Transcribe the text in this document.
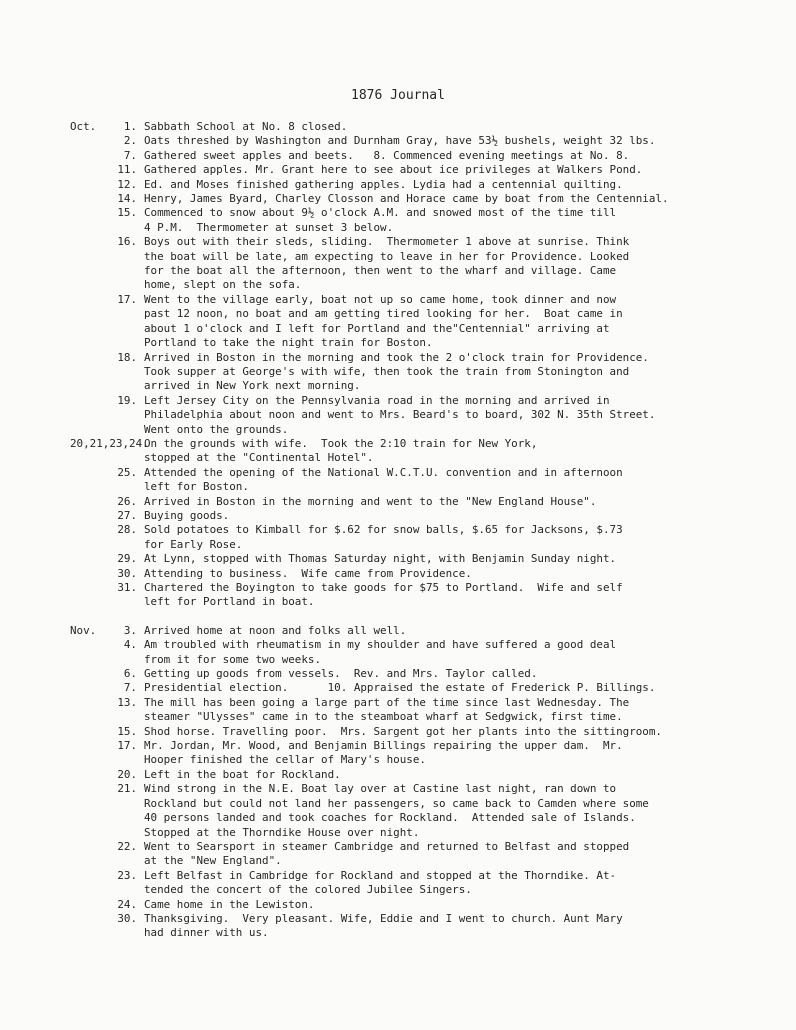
1876 Journal
Oct.	1. Sabbath School at No. 8 closed.
2. Oats threshed by Washington and Durnham Gray, have 53½ bushels, weight 32 lbs.
7. Gathered sweet apples and beets.   8. Commenced evening meetings at No. 8.
11. Gathered apples. Mr. Grant here to see about ice privileges at Walkers Pond.
12. Ed. and Moses finished gathering apples. Lydia had a centennial quilting.
14. Henry, James Byard, Charley Closson and Horace came by boat from the Centennial.
15. Commenced to snow about 9½ o'clock A.M. and snowed most of the time till
4 P.M.  Thermometer at sunset 3 below.
16. Boys out with their sleds, sliding.  Thermometer 1 above at sunrise. Think
the boat will be late, am expecting to leave in her for Providence. Looked
for the boat all the afternoon, then went to the wharf and village. Came
home, slept on the sofa.
17. Went to the village early, boat not up so came home, took dinner and now
past 12 noon, no boat and am getting tired looking for her.  Boat came in
about 1 o'clock and I left for Portland and the"Centennial" arriving at
Portland to take the night train for Boston.
18. Arrived in Boston in the morning and took the 2 o'clock train for Providence.
Took supper at George's with wife, then took the train from Stonington and
arrived in New York next morning.
19. Left Jersey City on the Pennsylvania road in the morning and arrived in
Philadelphia about noon and went to Mrs. Beard's to board, 302 N. 35th Street.
Went onto the grounds.
20,21,23,24.
On the grounds with wife.  Took the 2:10 train for New York,
stopped at the "Continental Hotel".
25. Attended the opening of the National W.C.T.U. convention and in afternoon
left for Boston.
26. Arrived in Boston in the morning and went to the "New England House".
27. Buying goods.
28. Sold potatoes to Kimball for $.62 for snow balls, $.65 for Jacksons, $.73
for Early Rose.
29. At Lynn, stopped with Thomas Saturday night, with Benjamin Sunday night.
30. Attending to business.  Wife came from Providence.
31. Chartered the Boyington to take goods for $75 to Portland.  Wife and self
left for Portland in boat.
Nov.	3. Arrived home at noon and folks all well.
4. Am troubled with rheumatism in my shoulder and have suffered a good deal
from it for some two weeks.
6. Getting up goods from vessels.  Rev. and Mrs. Taylor called.
7. Presidential election.      10. Appraised the estate of Frederick P. Billings.
13. The mill has been going a large part of the time since last Wednesday. The
steamer "Ulysses" came in to the steamboat wharf at Sedgwick, first time.
15. Shod horse. Travelling poor.  Mrs. Sargent got her plants into the sittingroom.
17. Mr. Jordan, Mr. Wood, and Benjamin Billings repairing the upper dam.  Mr.
Hooper finished the cellar of Mary's house.
20. Left in the boat for Rockland.
21. Wind strong in the N.E. Boat lay over at Castine last night, ran down to
Rockland but could not land her passengers, so came back to Camden where some
40 persons landed and took coaches for Rockland.  Attended sale of Islands.
Stopped at the Thorndike House over night.
22. Went to Searsport in steamer Cambridge and returned to Belfast and stopped
at the "New England".
23. Left Belfast in Cambridge for Rockland and stopped at the Thorndike. At-
tended the concert of the colored Jubilee Singers.
24. Came home in the Lewiston.
30. Thanksgiving.  Very pleasant. Wife, Eddie and I went to church. Aunt Mary
had dinner with us.
